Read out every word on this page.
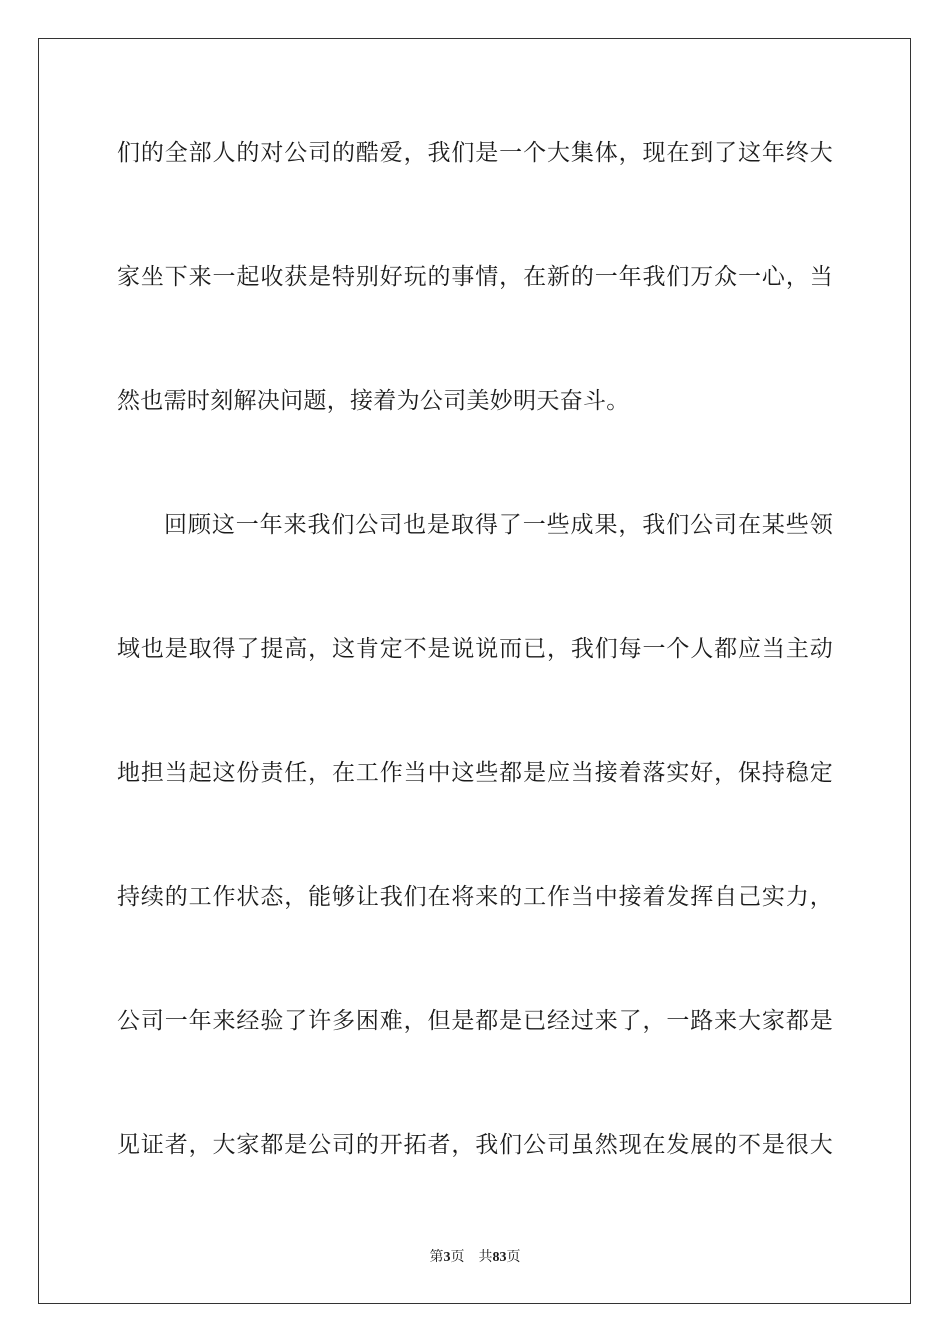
们的全部人的对公司的酷爱，我们是一个大集体，现在到了这年终大
家坐下来一起收获是特别好玩的事情，在新的一年我们万众一心，当
然也需时刻解决问题，接着为公司美妙明天奋斗。
回顾这一年来我们公司也是取得了一些成果，我们公司在某些领
域也是取得了提高，这肯定不是说说而已，我们每一个人都应当主动
地担当起这份责任，在工作当中这些都是应当接着落实好，保持稳定
持续的工作状态，能够让我们在将来的工作当中接着发挥自己实力，
公司一年来经验了许多困难，但是都是已经过来了，一路来大家都是
见证者，大家都是公司的开拓者，我们公司虽然现在发展的不是很大
第3页 共83页
